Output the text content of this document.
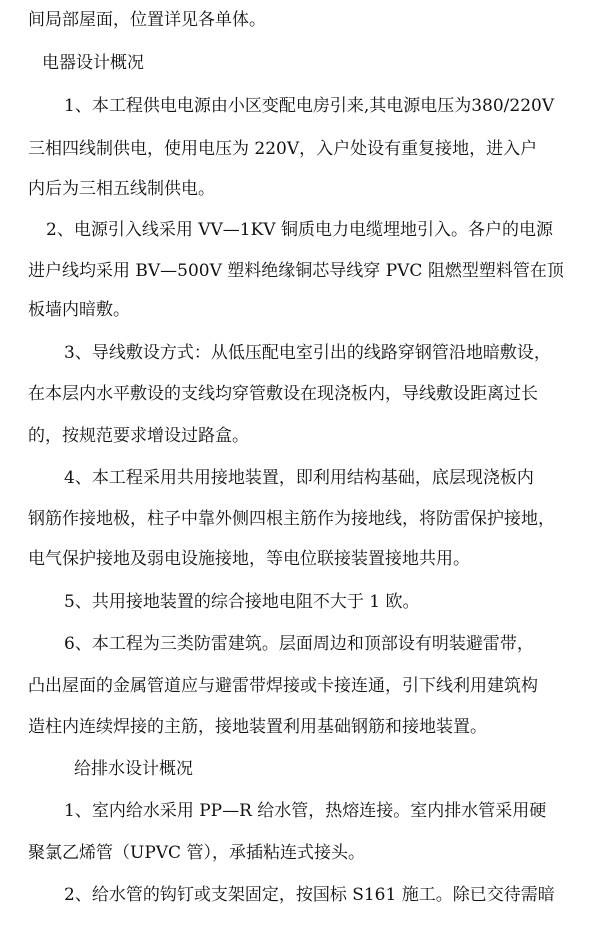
间局部屋面，位置详见各单体。
电器设计概况
1、本工程供电电源由小区变配电房引来,其电源电压为380/220V
三相四线制供电，使用电压为 220V，入户处设有重复接地，进入户
内后为三相五线制供电。
2、电源引入线采用 VV—1KV 铜质电力电缆埋地引入。各户的电源
进户线均采用 BV—500V 塑料绝缘铜芯导线穿 PVC 阻燃型塑料管在顶
板墙内暗敷。
3、导线敷设方式：从低压配电室引出的线路穿钢管沿地暗敷设，
在本层内水平敷设的支线均穿管敷设在现浇板内，导线敷设距离过长
的，按规范要求增设过路盒。
4、本工程采用共用接地装置，即利用结构基础，底层现浇板内
钢筋作接地极，柱子中靠外侧四根主筋作为接地线，将防雷保护接地，
电气保护接地及弱电设施接地，等电位联接装置接地共用。
5、共用接地装置的综合接地电阻不大于 1 欧。
6、本工程为三类防雷建筑。层面周边和顶部设有明装避雷带，
凸出屋面的金属管道应与避雷带焊接或卡接连通，引下线利用建筑构
造柱内连续焊接的主筋，接地装置利用基础钢筋和接地装置。
给排水设计概况
1、室内给水采用 PP—R 给水管，热熔连接。室内排水管采用硬
聚氯乙烯管（UPVC 管），承插粘连式接头。
2、给水管的钩钉或支架固定，按国标 S161 施工。除已交待需暗
